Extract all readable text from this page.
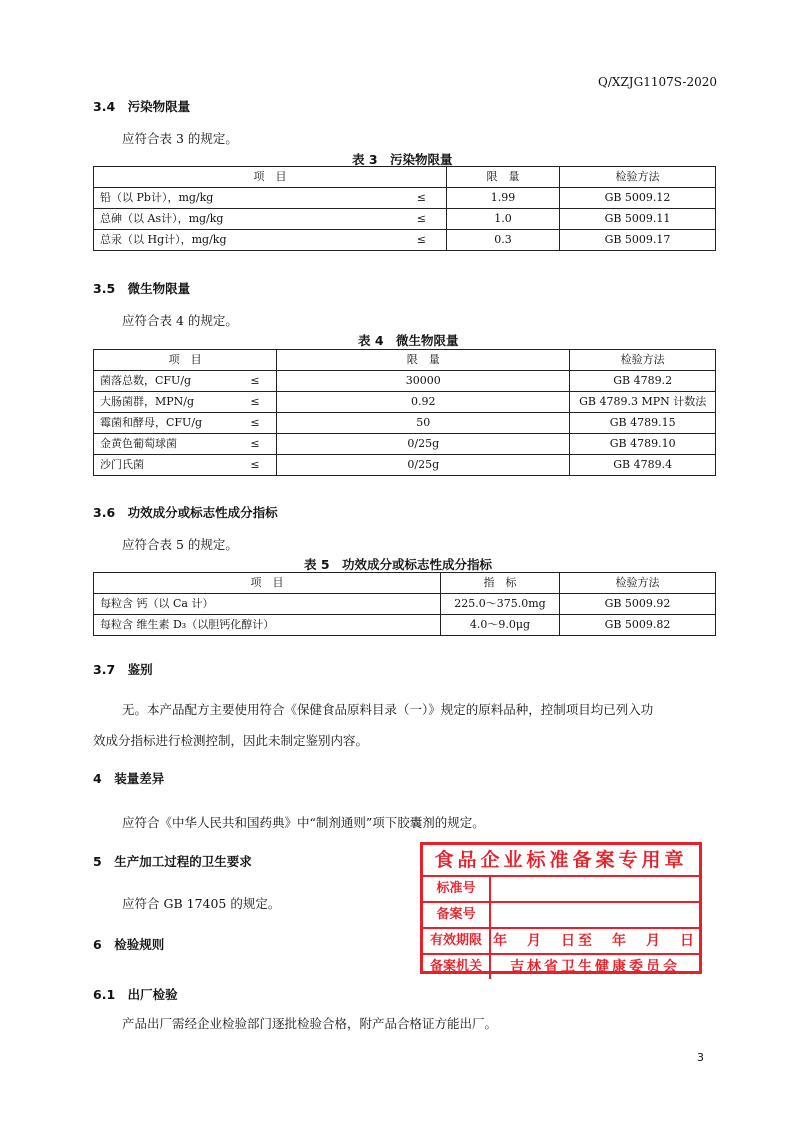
Q/XZJG1107S-2020
3.4　污染物限量
应符合表 3 的规定。
表 3　污染物限量
项　目	限　量	检验方法
铅（以 Pb计），mg/kg ≤	1.99	GB 5009.12
总砷（以 As计），mg/kg ≤	1.0	GB 5009.11
总汞（以 Hg计），mg/kg ≤	0.3	GB 5009.17
3.5　微生物限量
应符合表 4 的规定。
表 4　微生物限量
项　目		限　量	检验方法
菌落总数，CFU/g	≤	30000	GB 4789.2
大肠菌群，MPN/g	≤	0.92	GB 4789.3 MPN 计数法
霉菌和酵母，CFU/g	≤	50	GB 4789.15
金黄色葡萄球菌	≤	0/25g	GB 4789.10
沙门氏菌	≤	0/25g	GB 4789.4
3.6　功效成分或标志性成分指标
应符合表 5 的规定。
表 5　功效成分或标志性成分指标
项　目	指　标	检验方法
每粒含 钙（以 Ca 计）	225.0～375.0mg	GB 5009.92
每粒含 维生素 D₃（以胆钙化醇计）	4.0～9.0μg	GB 5009.82
3.7　鉴别
无。本产品配方主要使用符合《保健食品原料目录（一）》规定的原料品种，控制项目均已列入功
效成分指标进行检测控制，因此未制定鉴别内容。
4　装量差异
应符合《中华人民共和国药典》中“制剂通则”项下胶囊剂的规定。
5　生产加工过程的卫生要求
应符合 GB 17405 的规定。
6　检验规则
食品企业标准备案专用章
标准号
备案号
有效期限 年　月　日至　年　月　日
备案机关	吉林省卫生健康委员会
6.1　出厂检验
产品出厂需经企业检验部门逐批检验合格，附产品合格证方能出厂。
3
